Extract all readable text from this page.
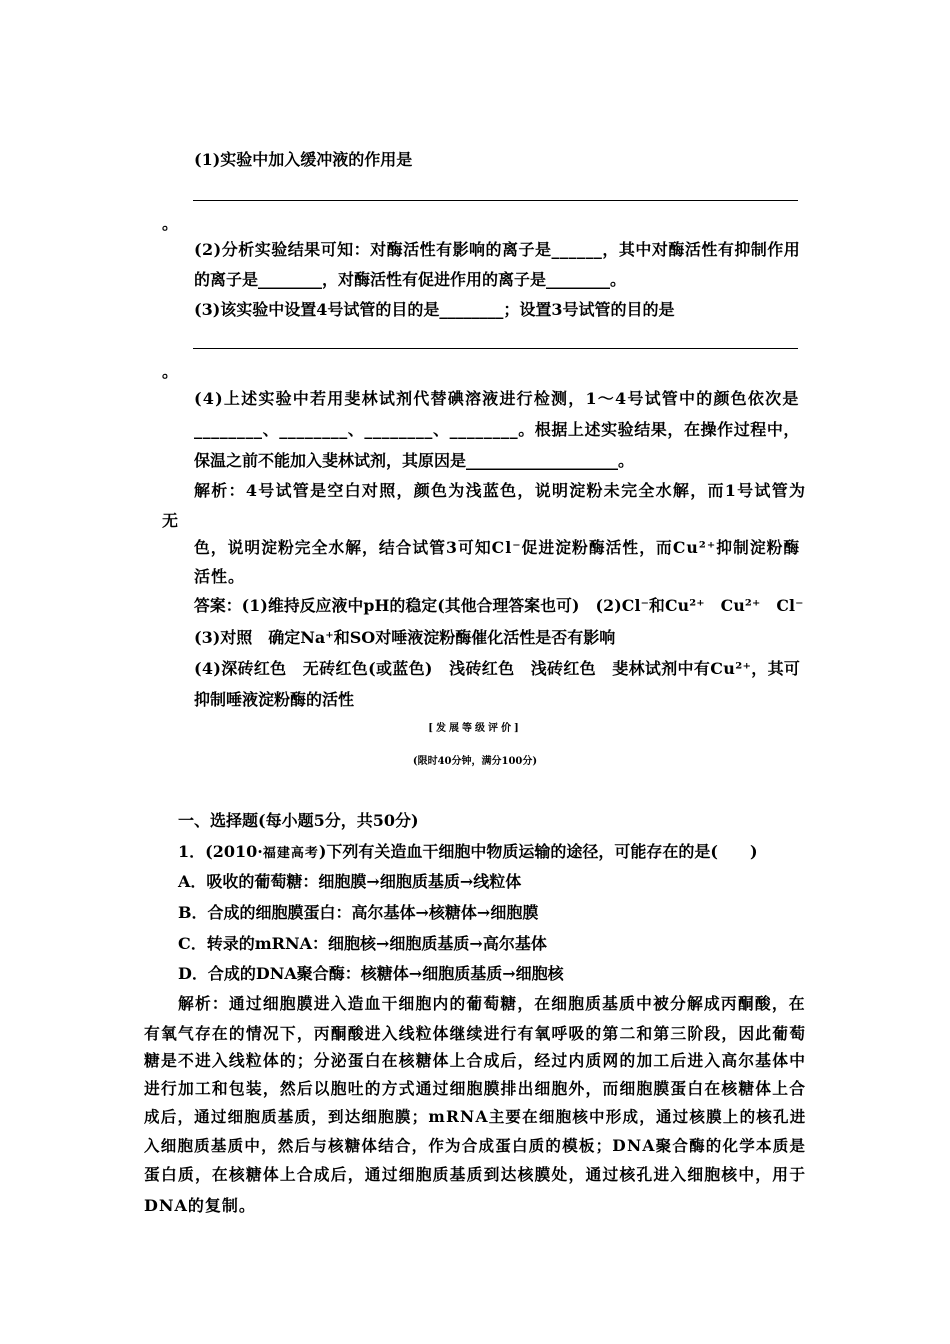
(1)实验中加入缓冲液的作用是
。
(2)分析实验结果可知：对酶活性有影响的离子是______，其中对酶活性有抑制作用
的离子是________，对酶活性有促进作用的离子是________。
(3)该实验中设置4号试管的目的是________；设置3号试管的目的是
。
(4)上述实验中若用斐林试剂代替碘溶液进行检测，1～4号试管中的颜色依次是
________、________、________、________。根据上述实验结果，在操作过程中，
保温之前不能加入斐林试剂，其原因是___________________。
解析：4号试管是空白对照，颜色为浅蓝色，说明淀粉未完全水解，而1号试管为
无
色，说明淀粉完全水解，结合试管3可知Cl⁻促进淀粉酶活性，而Cu²⁺抑制淀粉酶
活性。
答案：(1)维持反应液中pH的稳定(其他合理答案也可)　(2)Cl⁻和Cu²⁺　Cu²⁺　Cl⁻
(3)对照　确定Na⁺和SO对唾液淀粉酶催化活性是否有影响
(4)深砖红色　无砖红色(或蓝色)　浅砖红色　浅砖红色　斐林试剂中有Cu²⁺，其可
抑制唾液淀粉酶的活性
[发展等级评价]
(限时40分钟，满分100分)
一、选择题(每小题5分，共50分)
1．(2010·福建高考)下列有关造血干细胞中物质运输的途径，可能存在的是(　　)
A．吸收的葡萄糖：细胞膜→细胞质基质→线粒体
B．合成的细胞膜蛋白：高尔基体→核糖体→细胞膜
C．转录的mRNA：细胞核→细胞质基质→高尔基体
D．合成的DNA聚合酶：核糖体→细胞质基质→细胞核
解析：通过细胞膜进入造血干细胞内的葡萄糖，在细胞质基质中被分解成丙酮酸，在
有氧气存在的情况下，丙酮酸进入线粒体继续进行有氧呼吸的第二和第三阶段，因此葡萄
糖是不进入线粒体的；分泌蛋白在核糖体上合成后，经过内质网的加工后进入高尔基体中
进行加工和包装，然后以胞吐的方式通过细胞膜排出细胞外，而细胞膜蛋白在核糖体上合
成后，通过细胞质基质，到达细胞膜；mRNA主要在细胞核中形成，通过核膜上的核孔进
入细胞质基质中，然后与核糖体结合，作为合成蛋白质的模板；DNA聚合酶的化学本质是
蛋白质，在核糖体上合成后，通过细胞质基质到达核膜处，通过核孔进入细胞核中，用于
DNA的复制。
